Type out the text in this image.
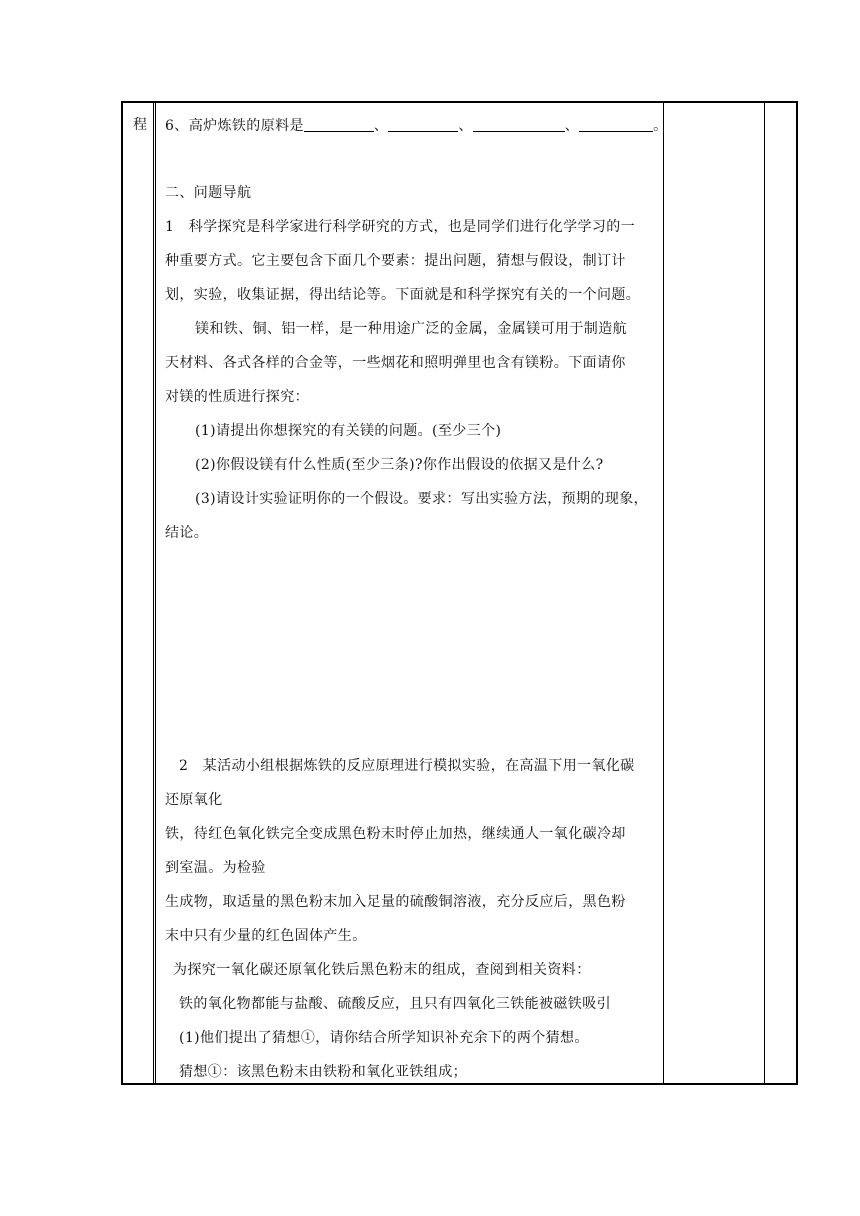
程 6、高炉炼铁的原料是	、	、	、	。
二、问题导航
1　科学探究是科学家进行科学研究的方式，也是同学们进行化学学习的一
种重要方式。它主要包含下面几个要素：提出问题，猜想与假设，制订计
划，实验，收集证据，得出结论等。下面就是和科学探究有关的一个问题。
镁和铁、铜、铝一样，是一种用途广泛的金属，金属镁可用于制造航
天材料、各式各样的合金等，一些烟花和照明弹里也含有镁粉。下面请你
对镁的性质进行探究：
(1)请提出你想探究的有关镁的问题。(至少三个)
(2)你假设镁有什么性质(至少三条)?你作出假设的依据又是什么?
(3)请设计实验证明你的一个假设。要求：写出实验方法，预期的现象，
结论。
2　某活动小组根据炼铁的反应原理进行模拟实验，在高温下用一氧化碳
还原氧化
铁，待红色氧化铁完全变成黑色粉末时停止加热，继续通人一氧化碳冷却
到室温。为检验
生成物，取适量的黑色粉末加入足量的硫酸铜溶液，充分反应后，黑色粉
末中只有少量的红色固体产生。
为探究一氧化碳还原氧化铁后黑色粉末的组成，查阅到相关资料：
铁的氧化物都能与盐酸、硫酸反应，且只有四氧化三铁能被磁铁吸引
(1)他们提出了猜想①，请你结合所学知识补充余下的两个猜想。
猜想①：该黑色粉末由铁粉和氧化亚铁组成；
